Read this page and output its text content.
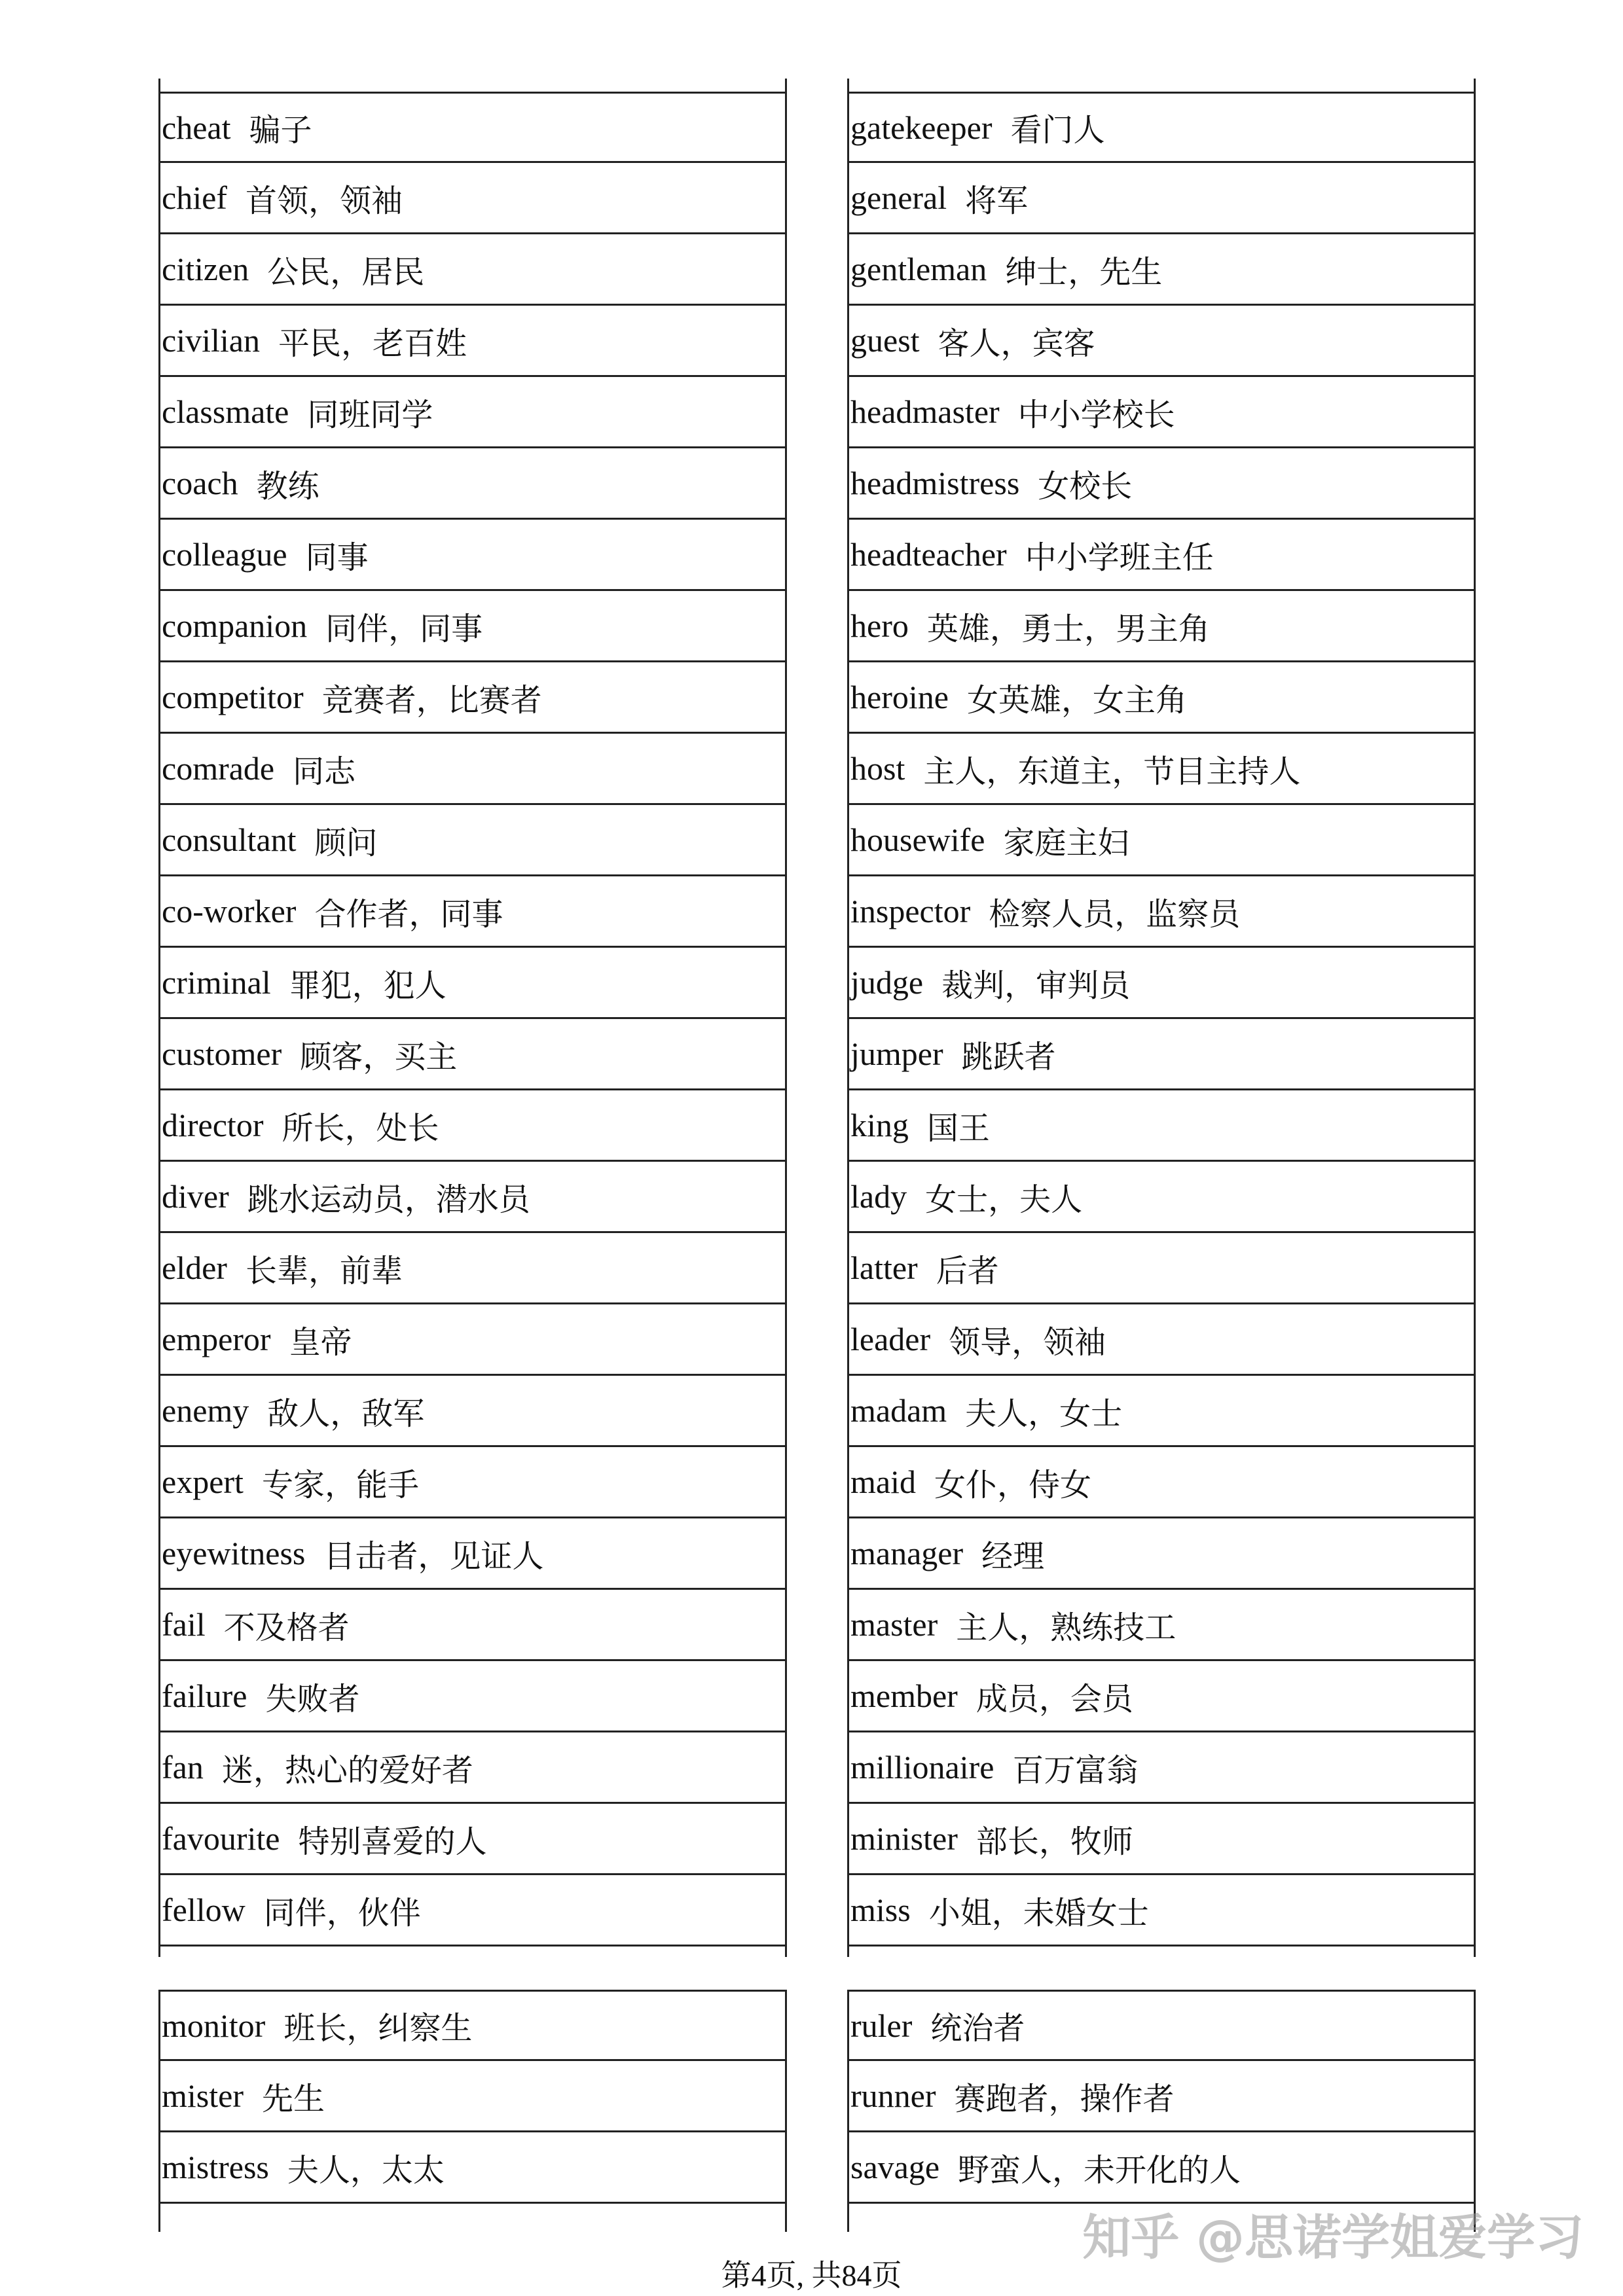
cheat 骗子
chief 首领，领袖
citizen 公民，居民
civilian 平民，老百姓
classmate 同班同学
coach 教练
colleague 同事
companion 同伴，同事
competitor 竞赛者，比赛者
comrade 同志
consultant 顾问
co-worker 合作者，同事
criminal 罪犯，犯人
customer 顾客，买主
director 所长，处长
diver 跳水运动员，潜水员
elder 长辈，前辈
emperor 皇帝
enemy 敌人，敌军
expert 专家，能手
eyewitness 目击者，见证人
fail 不及格者
failure 失败者
fan 迷，热心的爱好者
favourite 特别喜爱的人
fellow 同伴，伙伴
gatekeeper 看门人
general 将军
gentleman 绅士，先生
guest 客人，宾客
headmaster 中小学校长
headmistress 女校长
headteacher 中小学班主任
hero 英雄，勇士，男主角
heroine 女英雄，女主角
host 主人，东道主，节目主持人
housewife 家庭主妇
inspector 检察人员，监察员
judge 裁判，审判员
jumper 跳跃者
king 国王
lady 女士，夫人
latter 后者
leader 领导，领袖
madam 夫人，女士
maid 女仆，侍女
manager 经理
master 主人，熟练技工
member 成员，会员
millionaire 百万富翁
minister 部长，牧师
miss 小姐，未婚女士
monitor 班长，纠察生
mister 先生
mistress 夫人，太太
ruler 统治者
runner 赛跑者，操作者
savage 野蛮人，未开化的人
知乎 @思诺学姐爱学习
第4页, 共84页
